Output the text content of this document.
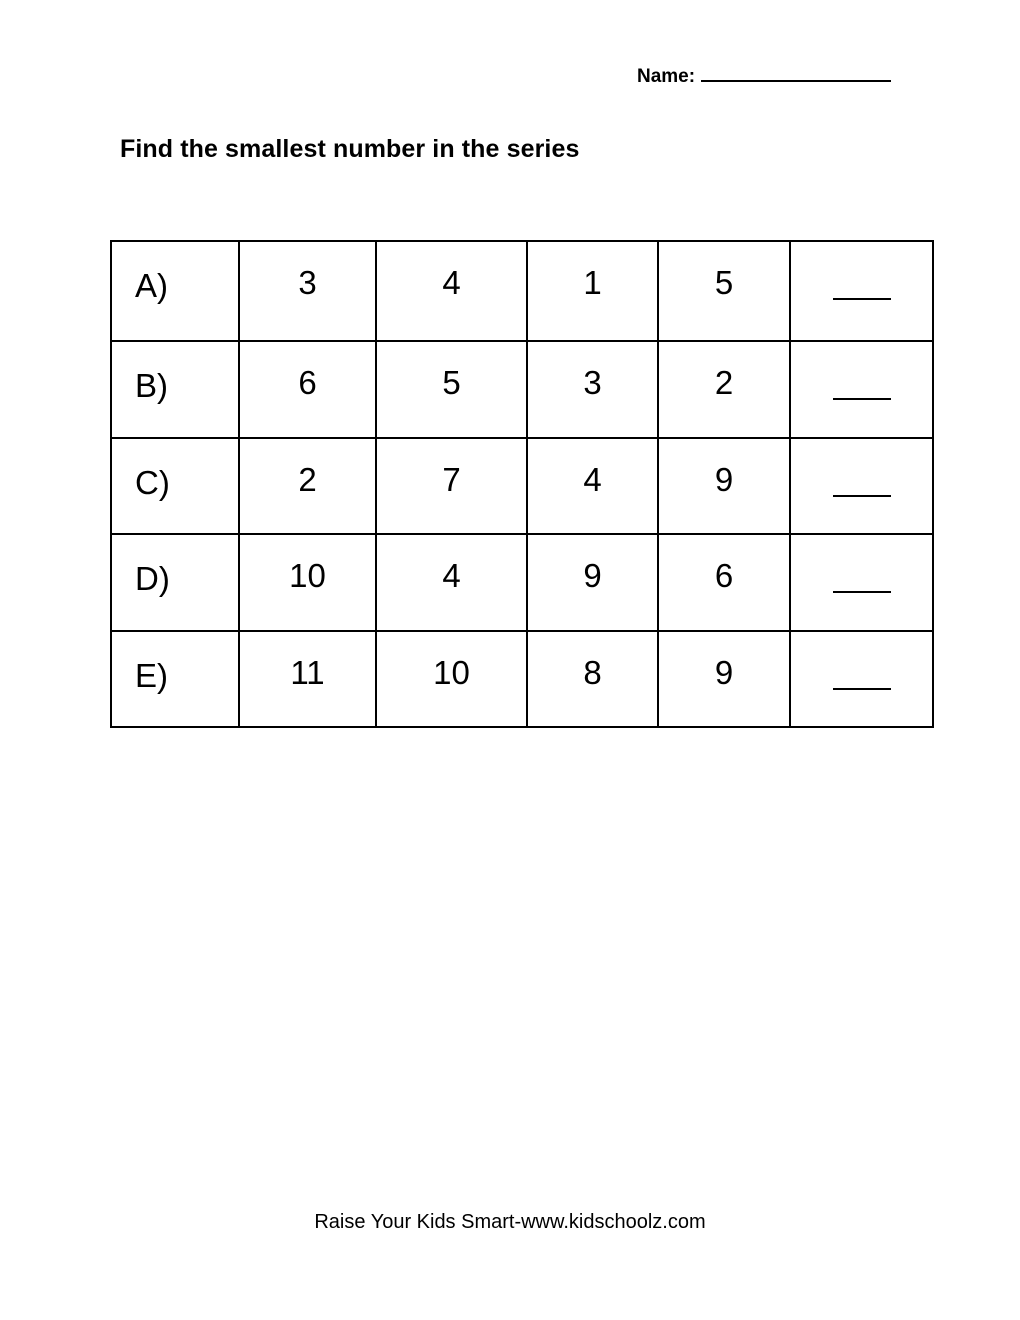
Name:
Find the smallest number in the series
A)	3	4	1	5	

B)	6	5	3	2	

C)	2	7	4	9	

D)	10	4	9	6	

E)	11	10	8	9	

Raise Your Kids Smart-www.kidschoolz.com
